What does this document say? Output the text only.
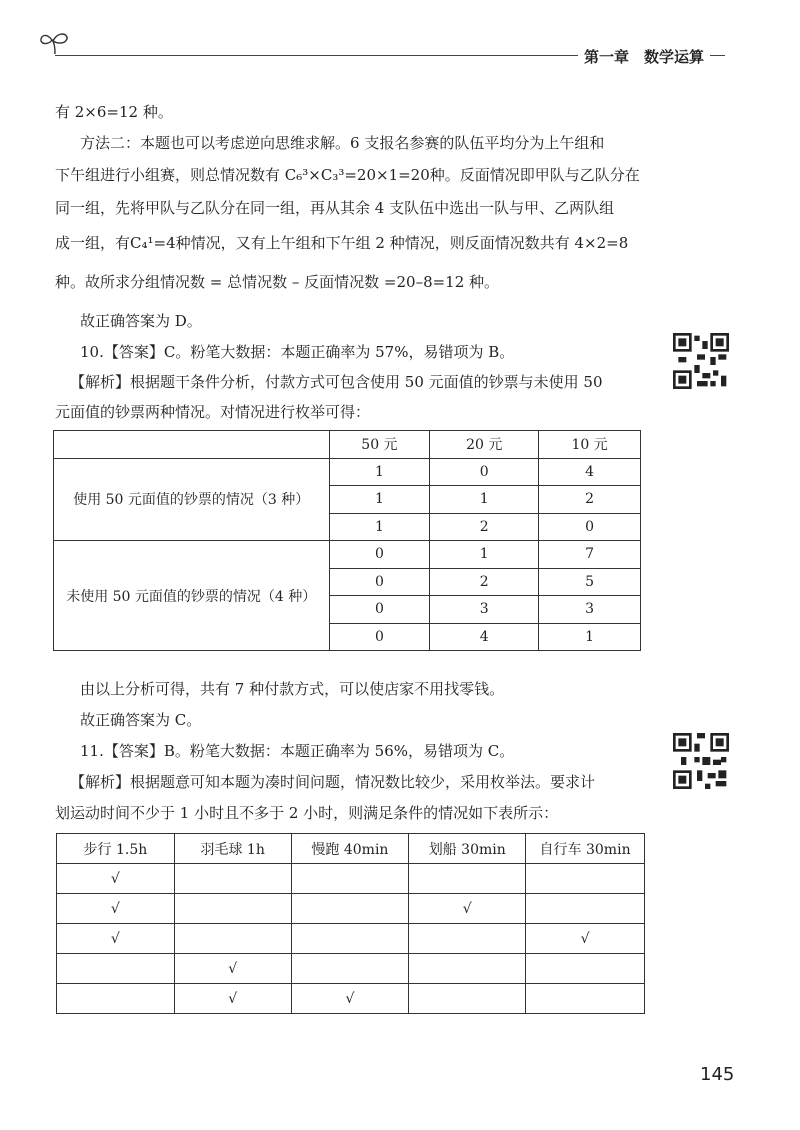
第一章　数学运算
有 2×6=12 种。
方法二：本题也可以考虑逆向思维求解。6 支报名参赛的队伍平均分为上午组和
下午组进行小组赛，则总情况数有 C₆³×C₃³=20×1=20种。反面情况即甲队与乙队分在
同一组，先将甲队与乙队分在同一组，再从其余 4 支队伍中选出一队与甲、乙两队组
成一组，有C₄¹=4种情况，又有上午组和下午组 2 种情况，则反面情况数共有 4×2=8
种。故所求分组情况数 = 总情况数 – 反面情况数 =20–8=12 种。
故正确答案为 D。
10.【答案】C。粉笔大数据：本题正确率为 57%，易错项为 B。
【解析】根据题干条件分析，付款方式可包含使用 50 元面值的钞票与未使用 50
元面值的钞票两种情况。对情况进行枚举可得：
	50 元	20 元	10 元
使用 50 元面值的钞票的情况（3 种）	1	0	4
	1	1	2
	1	2	0
未使用 50 元面值的钞票的情况（4 种）	0	1	7
	0	2	5
	0	3	3
	0	4	1
由以上分析可得，共有 7 种付款方式，可以使店家不用找零钱。
故正确答案为 C。
11.【答案】B。粉笔大数据：本题正确率为 56%，易错项为 C。
【解析】根据题意可知本题为凑时间问题，情况数比较少，采用枚举法。要求计
划运动时间不少于 1 小时且不多于 2 小时，则满足条件的情况如下表所示：
步行 1.5h	羽毛球 1h	慢跑 40min	划船 30min	自行车 30min
√				
√			√	
√				√
	√			
	√	√		
145
